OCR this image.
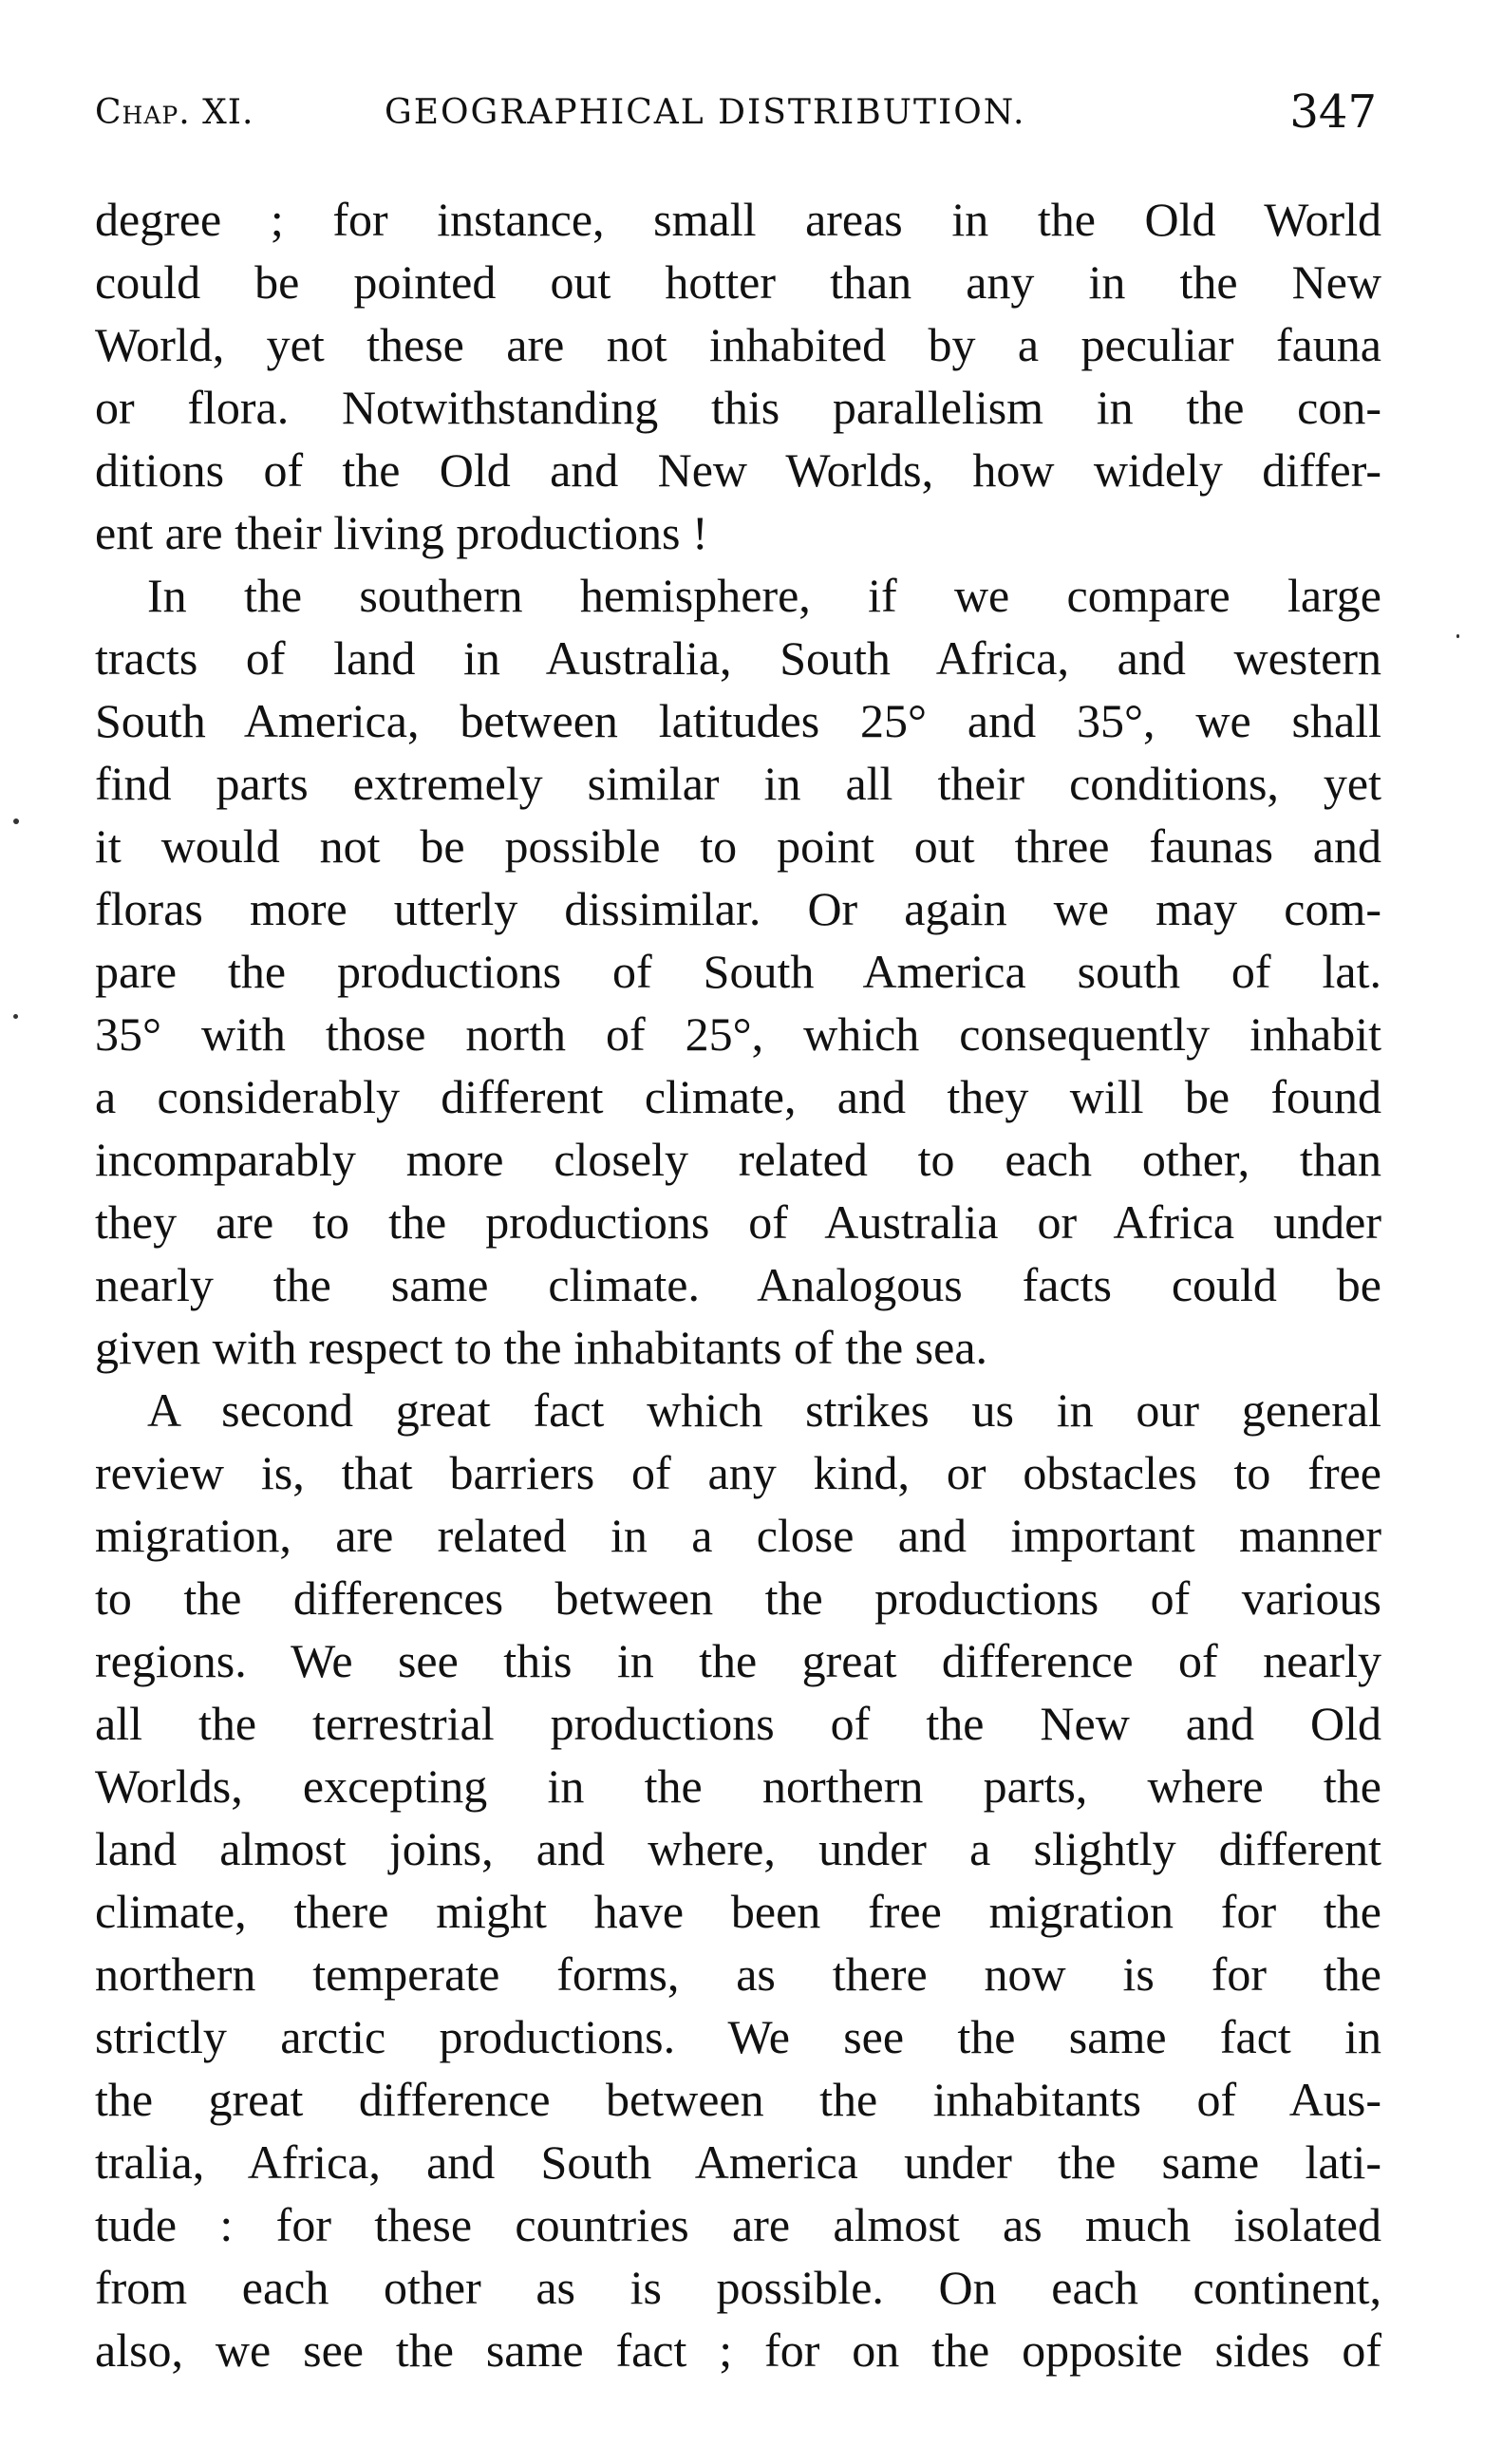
Chap. XI.	GEOGRAPHICAL DISTRIBUTION.	347
degree ; for instance, small areas in the Old World
could be pointed out hotter than any in the New
World, yet these are not inhabited by a peculiar fauna
or flora. Notwithstanding this parallelism in the con-
ditions of the Old and New Worlds, how widely differ-
ent are their living productions !
In the southern hemisphere, if we compare large
tracts of land in Australia, South Africa, and western
South America, between latitudes 25° and 35°, we shall
find parts extremely similar in all their conditions, yet
it would not be possible to point out three faunas and
floras more utterly dissimilar. Or again we may com-
pare the productions of South America south of lat.
35° with those north of 25°, which consequently inhabit
a considerably different climate, and they will be found
incomparably more closely related to each other, than
they are to the productions of Australia or Africa under
nearly the same climate. Analogous facts could be
given with respect to the inhabitants of the sea.
A second great fact which strikes us in our general
review is, that barriers of any kind, or obstacles to free
migration, are related in a close and important manner
to the differences between the productions of various
regions. We see this in the great difference of nearly
all the terrestrial productions of the New and Old
Worlds, excepting in the northern parts, where the
land almost joins, and where, under a slightly different
climate, there might have been free migration for the
northern temperate forms, as there now is for the
strictly arctic productions. We see the same fact in
the great difference between the inhabitants of Aus-
tralia, Africa, and South America under the same lati-
tude : for these countries are almost as much isolated
from each other as is possible. On each continent,
also, we see the same fact ; for on the opposite sides of
